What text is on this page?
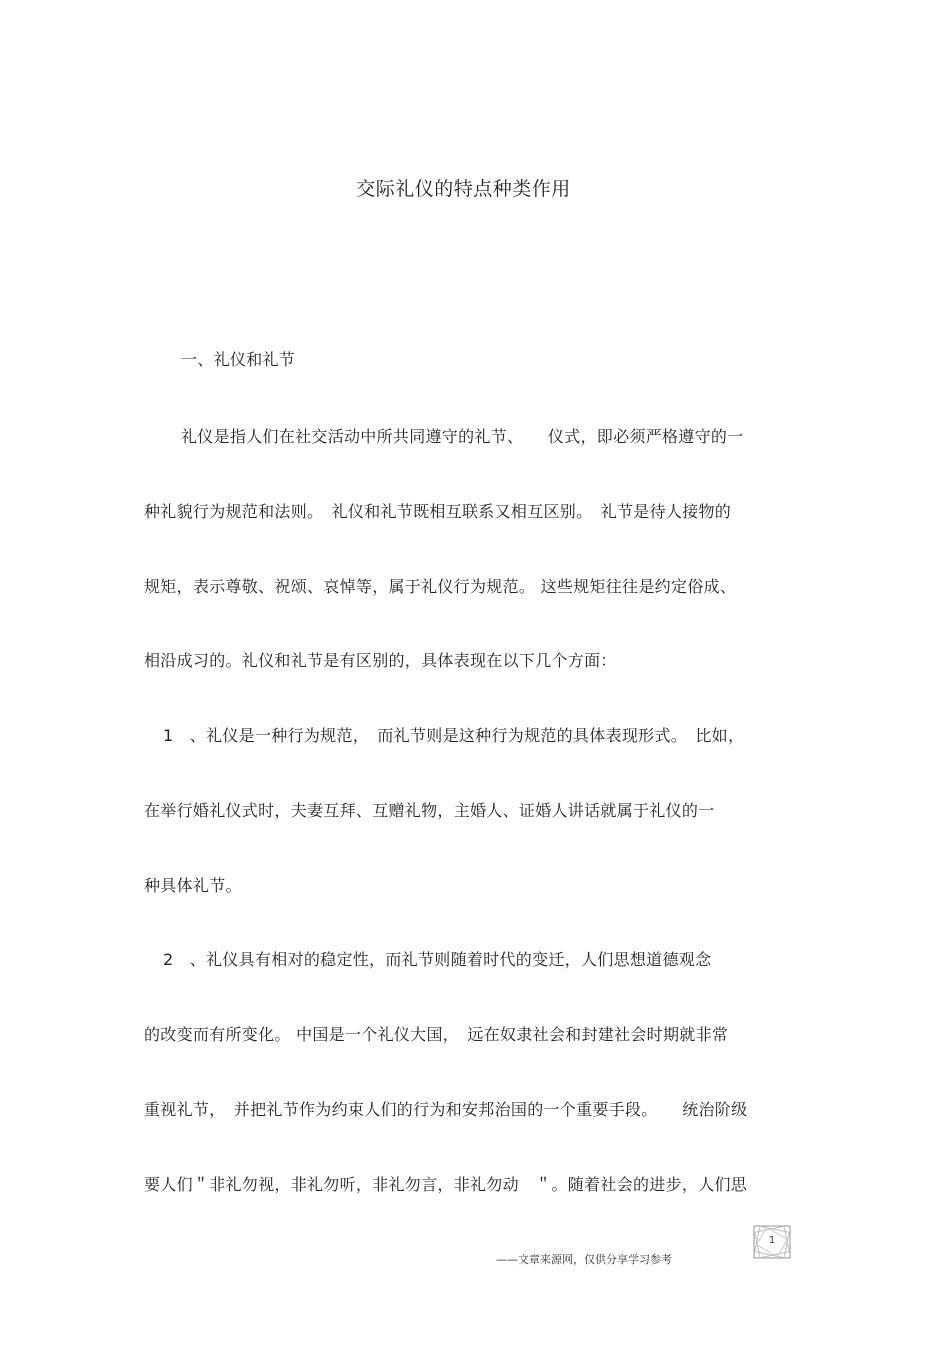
交际礼仪的特点种类作用
一、礼仪和礼节
礼仪是指人们在社交活动中所共同遵守的礼节、　　仪式，即必须严格遵守的一
种礼貌行为规范和法则。　礼仪和礼节既相互联系又相互区别。　礼节是待人接物的
规矩，表示尊敬、祝颂、哀悼等，属于礼仪行为规范。 这些规矩往往是约定俗成、
相沿成习的。礼仪和礼节是有区别的，具体表现在以下几个方面：
1　、礼仪是一种行为规范，　而礼节则是这种行为规范的具体表现形式。　比如，
在举行婚礼仪式时，夫妻互拜、互赠礼物，主婚人、证婚人讲话就属于礼仪的一
种具体礼节。
2　、礼仪具有相对的稳定性，而礼节则随着时代的变迁，人们思想道德观念
的改变而有所变化。 中国是一个礼仪大国，　远在奴隶社会和封建社会时期就非常
重视礼节，　并把礼节作为约束人们的行为和安邦治国的一个重要手段。　　统治阶级
要人们＂非礼勿视，非礼勿听，非礼勿言，非礼勿动　＂。随着社会的进步，人们思
1
——文章来源网，仅供分享学习参考
